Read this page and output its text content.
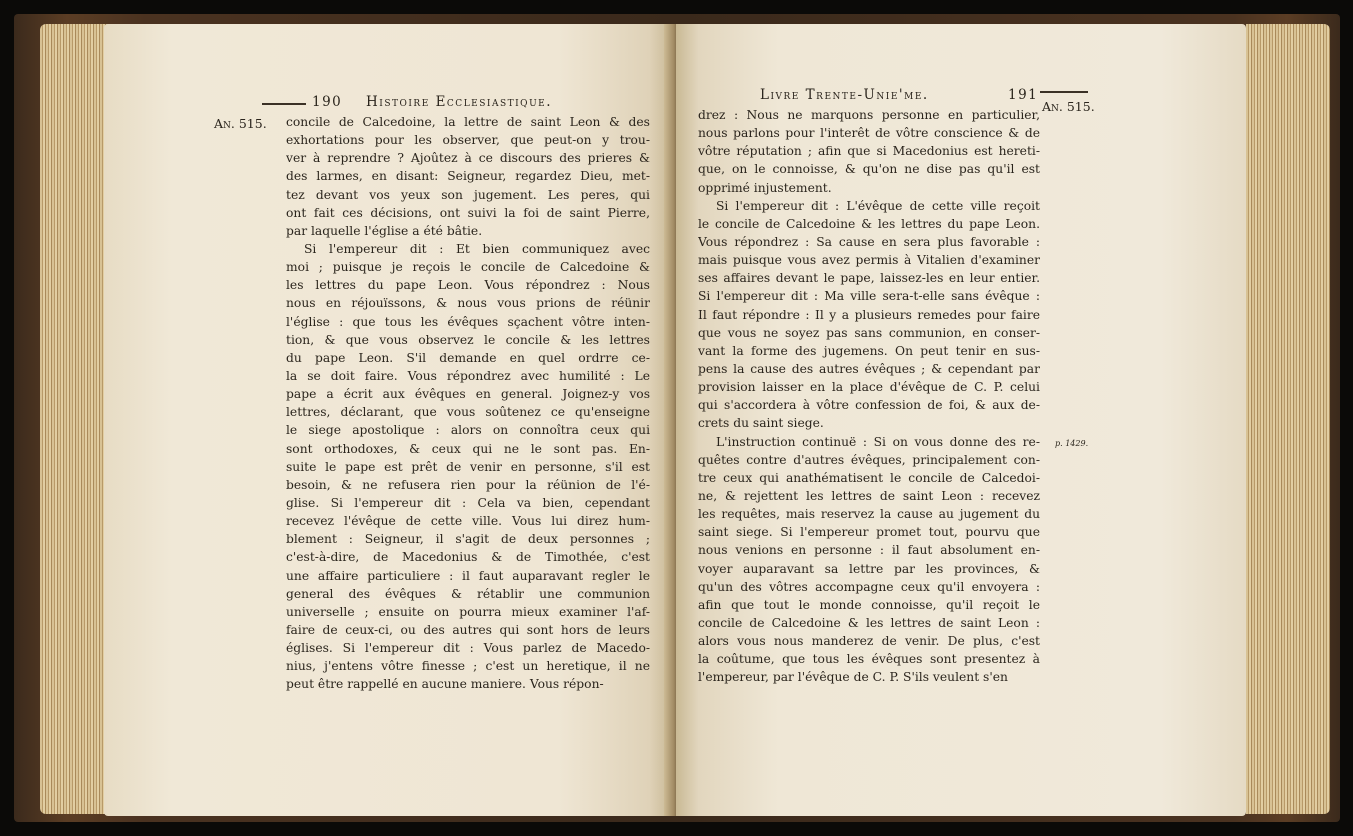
190 Histoire Ecclesiastique.
An. 515. concile de Calcedoine, la lettre de saint Leon & des
exhortations pour les observer, que peut-on y trou-
ver à reprendre ? Ajoûtez à ce discours des prieres &
des larmes, en disant: Seigneur, regardez Dieu, met-
tez devant vos yeux son jugement. Les peres, qui
ont fait ces décisions, ont suivi la foi de saint Pierre,
par laquelle l'église a été bâtie.
Si l'empereur dit : Et bien communiquez avec
moi ; puisque je reçois le concile de Calcedoine &
les lettres du pape Leon. Vous répondrez : Nous
nous en réjouïssons, & nous vous prions de réünir
l'église : que tous les évêques sçachent vôtre inten-
tion, & que vous observez le concile & les lettres
du pape Leon. S'il demande en quel ordrre ce-
la se doit faire. Vous répondrez avec humilité : Le
pape a écrit aux évêques en general. Joignez-y vos
lettres, déclarant, que vous soûtenez ce qu'enseigne
le siege apostolique : alors on connoîtra ceux qui
sont orthodoxes, & ceux qui ne le sont pas. En-
suite le pape est prêt de venir en personne, s'il est
besoin, & ne refusera rien pour la réünion de l'é-
glise. Si l'empereur dit : Cela va bien, cependant
recevez l'évêque de cette ville. Vous lui direz hum-
blement : Seigneur, il s'agit de deux personnes ;
c'est-à-dire, de Macedonius & de Timothée, c'est
une affaire particuliere : il faut auparavant regler le
general des évêques & rétablir une communion
universelle ; ensuite on pourra mieux examiner l'af-
faire de ceux-ci, ou des autres qui sont hors de leurs
églises. Si l'empereur dit : Vous parlez de Macedo-
nius, j'entens vôtre finesse ; c'est un heretique, il ne
peut être rappellé en aucune maniere. Vous répon-
Livre Trente-Unie'me.	191
An. 515.
p. 1429.
drez : Nous ne marquons personne en particulier,
nous parlons pour l'interêt de vôtre conscience & de
vôtre réputation ; afin que si Macedonius est hereti-
que, on le connoisse, & qu'on ne dise pas qu'il est
opprimé injustement.
Si l'empereur dit : L'évêque de cette ville reçoit
le concile de Calcedoine & les lettres du pape Leon.
Vous répondrez : Sa cause en sera plus favorable :
mais puisque vous avez permis à Vitalien d'examiner
ses affaires devant le pape, laissez-les en leur entier.
Si l'empereur dit : Ma ville sera-t-elle sans évêque :
Il faut répondre : Il y a plusieurs remedes pour faire
que vous ne soyez pas sans communion, en conser-
vant la forme des jugemens. On peut tenir en sus-
pens la cause des autres évêques ; & cependant par
provision laisser en la place d'évêque de C. P. celui
qui s'accordera à vôtre confession de foi, & aux de-
crets du saint siege.
L'instruction continuë : Si on vous donne des re-
quêtes contre d'autres évêques, principalement con-
tre ceux qui anathématisent le concile de Calcedoi-
ne, & rejettent les lettres de saint Leon : recevez
les requêtes, mais reservez la cause au jugement du
saint siege. Si l'empereur promet tout, pourvu que
nous venions en personne : il faut absolument en-
voyer auparavant sa lettre par les provinces, &
qu'un des vôtres accompagne ceux qu'il envoyera :
afin que tout le monde connoisse, qu'il reçoit le
concile de Calcedoine & les lettres de saint Leon :
alors vous nous manderez de venir. De plus, c'est
la coûtume, que tous les évêques sont presentez à
l'empereur, par l'évêque de C. P. S'ils veulent s'en
